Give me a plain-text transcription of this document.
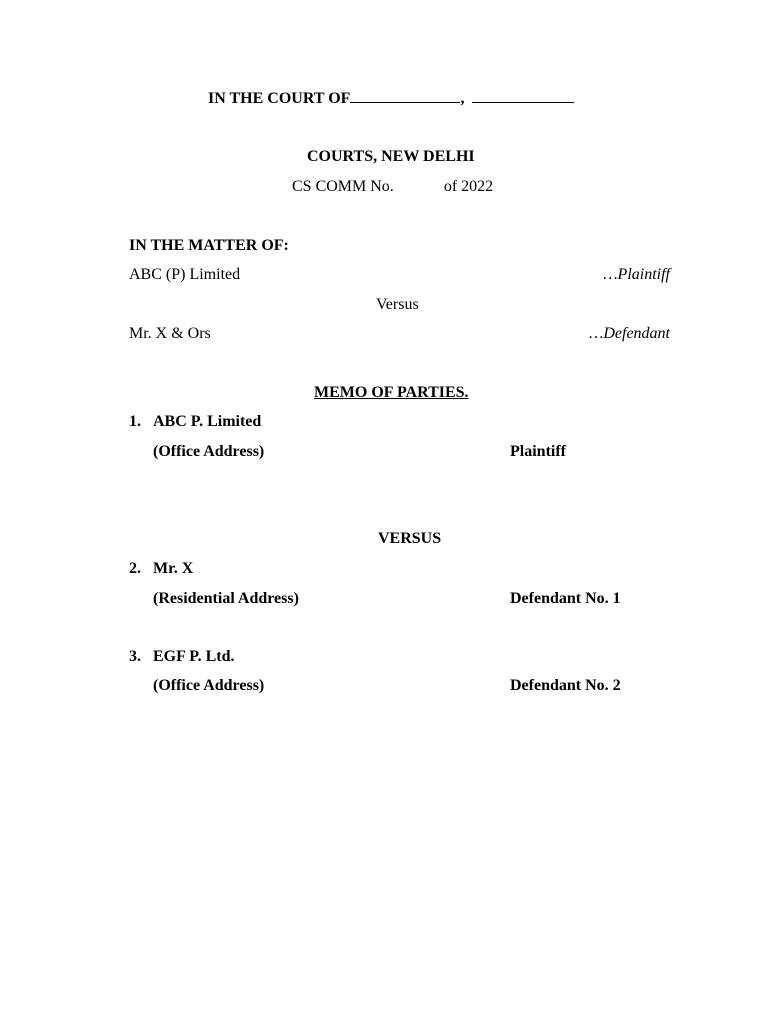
IN THE COURT OF	,
COURTS, NEW DELHI
CS COMM No.	of 2022
IN THE MATTER OF:
ABC (P) Limited	…Plaintiff
Versus
Mr. X & Ors	…Defendant
MEMO OF PARTIES.
1. ABC P. Limited
(Office Address)	Plaintiff
VERSUS
2. Mr. X
(Residential Address)	Defendant No. 1
3. EGF P. Ltd.
(Office Address)	Defendant No. 2
